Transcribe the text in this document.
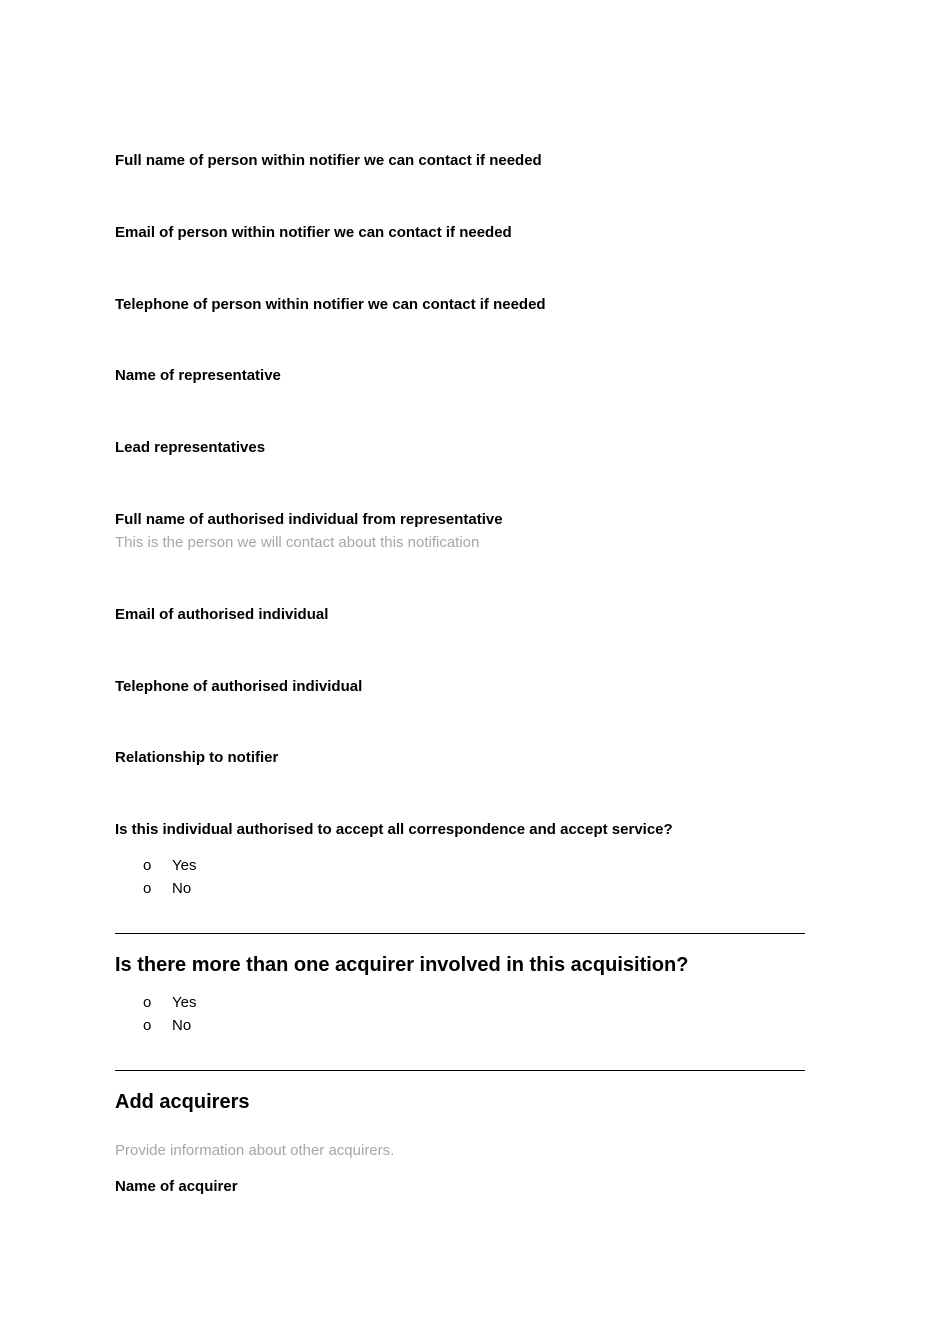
Full name of person within notifier we can contact if needed
Email of person within notifier we can contact if needed
Telephone of person within notifier we can contact if needed
Name of representative
Lead representatives
Full name of authorised individual from representative
This is the person we will contact about this notification
Email of authorised individual
Telephone of authorised individual
Relationship to notifier
Is this individual authorised to accept all correspondence and accept service?
o Yes
o No
Is there more than one acquirer involved in this acquisition?
o Yes
o No
Add acquirers
Provide information about other acquirers.
Name of acquirer
